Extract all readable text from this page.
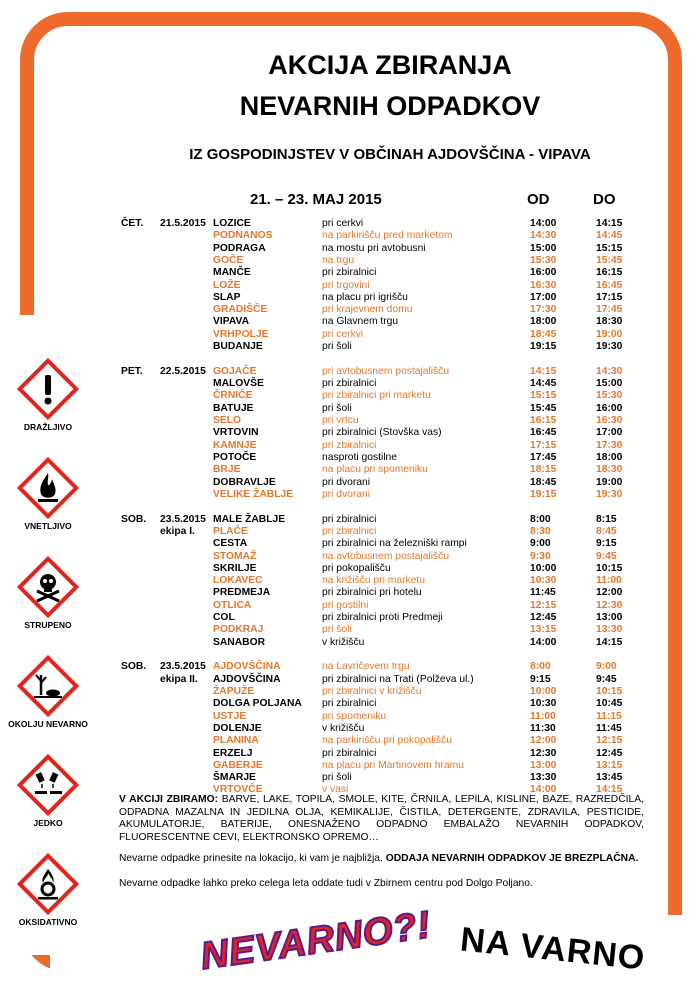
AKCIJA ZBIRANJA
NEVARNIH ODPADKOV
IZ GOSPODINJSTEV V OBČINAH AJDOVŠČINA - VIPAVA
21. – 23. MAJ 2015	OD	DO
ČET. 21.5.2015 LOZICE	pri cerkvi	14:00	14:15
PODNANOS	na parkirišču pred marketom	14:30	14:45
PODRAGA	na mostu pri avtobusni	15:00	15:15
GOČE	na trgu	15:30	15:45
MANČE	pri zbiralnici	16:00	16:15
LOŽE	pri trgovini	16:30	16:45
SLAP	na placu pri igrišču	17:00	17:15
GRADIŠČE	pri krajevnem domu	17:30	17:45
VIPAVA	na Glavnem trgu	18:00	18:30
VRHPOLJE	pri cerkvi	18:45	19:00
BUDANJE	pri šoli	19:15	19:30
PET. 22.5.2015 GOJAČE	pri avtobusnem postajališču	14:15	14:30
MALOVŠE	pri zbiralnici	14:45	15:00
ČRNIČE	pri zbiralnici pri marketu	15:15	15:30
BATUJE	pri šoli	15:45	16:00
SELO	pri vrtcu	16:15	16:30
VRTOVIN	pri zbiralnici (Stovška vas)	16:45	17:00
KAMNJE	pri zbiralnici	17:15	17:30
POTOČE	nasproti gostilne	17:45	18:00
BRJE	na placu pri spomeniku	18:15	18:30
DOBRAVLJE	pri dvorani	18:45	19:00
VELIKE ŽABLJE	pri dvorani	19:15	19:30
SOB. 23.5.2015 MALE ŽABLJE	pri zbiralnici	8:00	8:15
ekipa I. PLAČE	pri zbiralnici	8:30	8:45
CESTA	pri zbiralnici na železniški rampi	9:00	9:15
STOMAŽ	na avtobusnem postajališču	9:30	9:45
SKRILJE	pri pokopališču	10:00	10:15
LOKAVEC	na križišču pri marketu	10:30	11:00
PREDMEJA	pri zbiralnici pri hotelu	11:45	12:00
OTLICA	pri gostilni	12:15	12:30
COL	pri zbiralnici proti Predmeji	12:45	13:00
PODKRAJ	pri šoli	13:15	13:30
SANABOR	v križišču	14:00	14:15
SOB. 23.5.2015 AJDOVŠČINA	na Lavričevem trgu	8:00	9:00
ekipa II. AJDOVŠČINA	pri zbiralnici na Trati (Polževa ul.)	9:15	9:45
ŽAPUŽE	pri zbiralnici v križišču	10:00	10:15
DOLGA POLJANA pri zbiralnici	10:30	10:45
USTJE	pri spomeniku	11:00	11:15
DOLENJE	v križišču	11:30	11:45
PLANINA	na parkirišču pri pokopališču	12:00	12:15
ERZELJ	pri zbiralnici	12:30	12:45
GABERJE	na placu pri Martinovem hramu	13:00	13:15
ŠMARJE	pri šoli	13:30	13:45
VRTOVČE	v vasi	14:00	14:15
DRAŽLJIVO
VNETLJIVO
STRUPENO
OKOLJU NEVARNO
JEDKO
OKSIDATIVNO
V AKCIJI ZBIRAMO: BARVE, LAKE, TOPILA, SMOLE, KITE, ČRNILA, LEPILA, KISLINE, BAZE, RAZREDČILA, ODPADNA MAZALNA IN JEDILNA OLJA, KEMIKALIJE, ČISTILA, DETERGENTE, ZDRAVILA, PESTICIDE, AKUMULATORJE, BATERIJE, ONESNAŽENO ODPADNO EMBALAŽO NEVARNIH ODPADKOV, FLUORESCENTNE CEVI, ELEKTRONSKO OPREMO…
Nevarne odpadke prinesite na lokacijo, ki vam je najbližja. ODDAJA NEVARNIH ODPADKOV JE BREZPLAČNA.
Nevarne odpadke lahko preko celega leta oddate tudi v Zbirnem centru pod Dolgo Poljano.
NEVARNO?! NA VARNO
